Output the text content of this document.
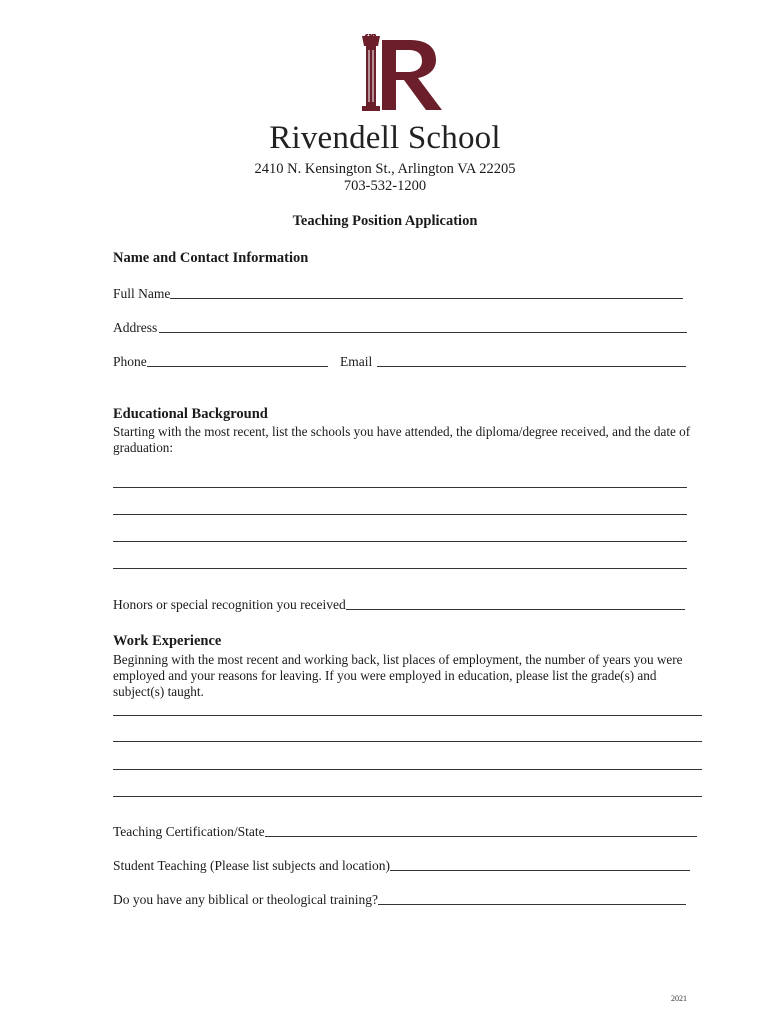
Rivendell School
2410 N. Kensington St., Arlington VA 22205
703-532-1200
Teaching Position Application
Name and Contact Information
Full Name
Address
Phone	Email
Educational Background
Starting with the most recent, list the schools you have attended, the diploma/degree received, and the date of graduation:
Honors or special recognition you received
Work Experience
Beginning with the most recent and working back, list places of employment, the number of years you were employed and your reasons for leaving. If you were employed in education, please list the grade(s) and subject(s) taught.
Teaching Certification/State
Student Teaching (Please list subjects and location)
Do you have any biblical or theological training?
2021
